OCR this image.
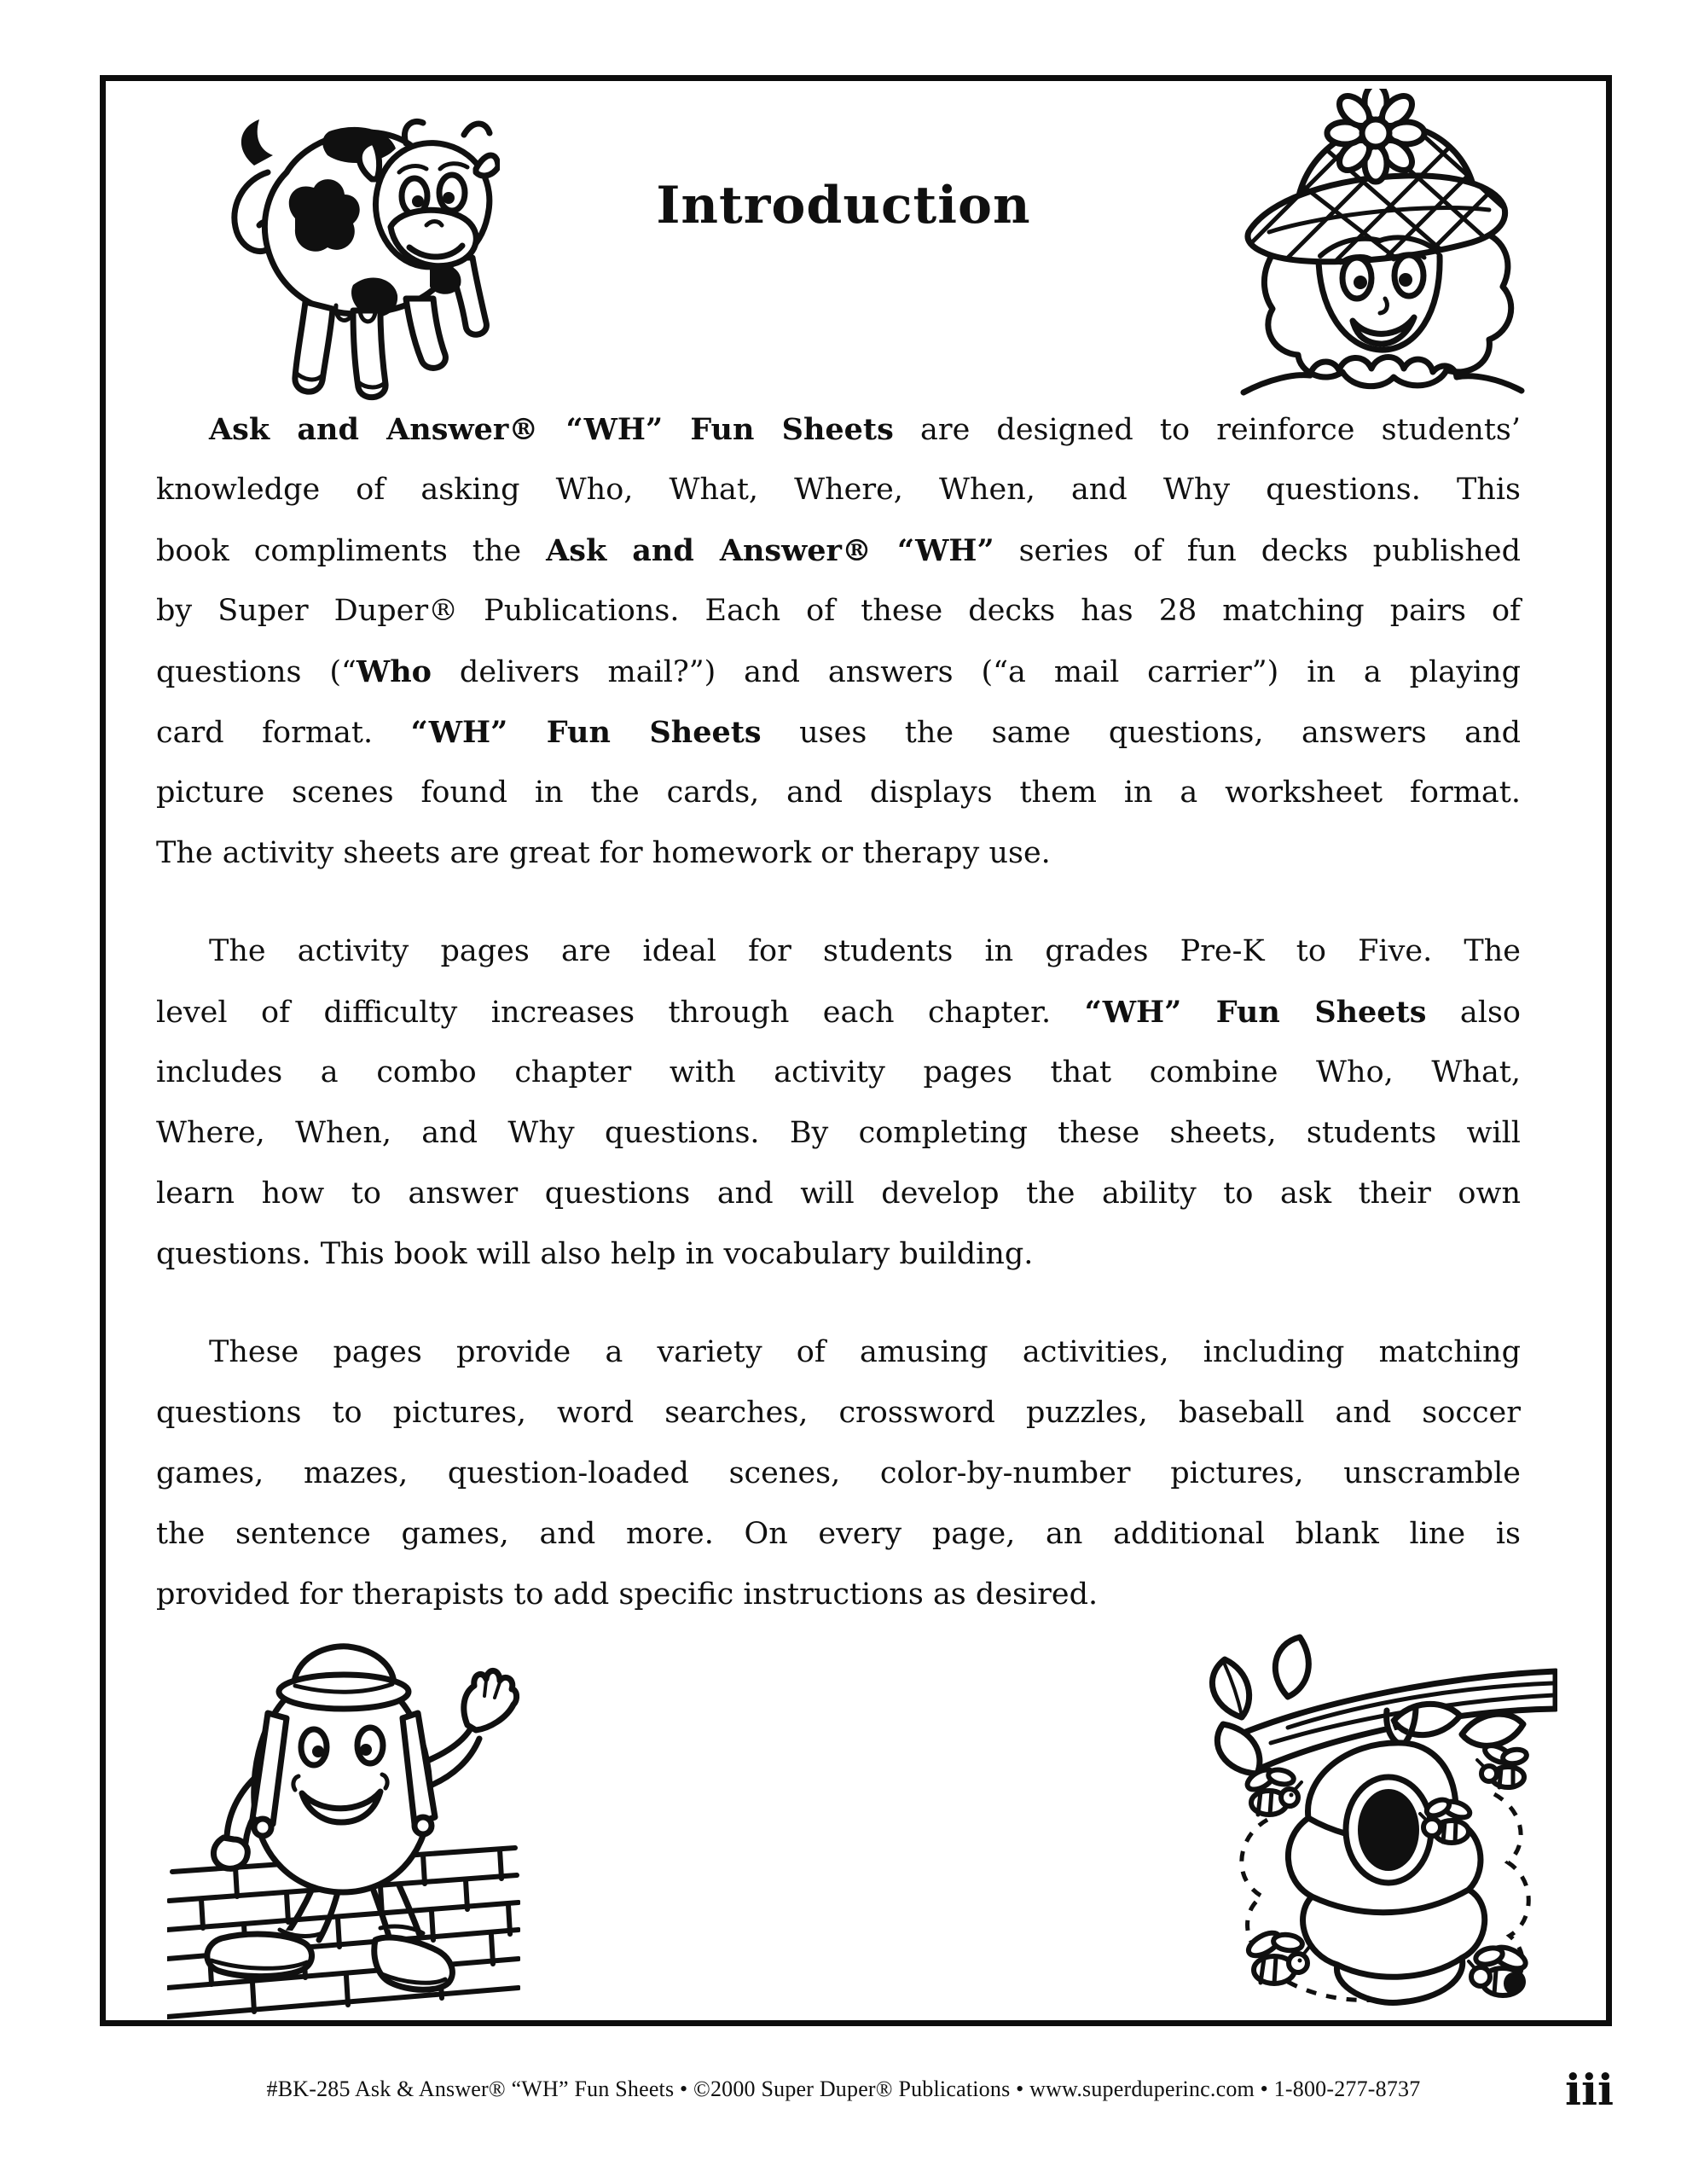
Introduction
Ask and Answer® “WH” Fun Sheets are designed to reinforce students’
knowledge of asking Who, What, Where, When, and Why questions. This
book compliments the Ask and Answer® “WH” series of fun decks published
by Super Duper® Publications. Each of these decks has 28 matching pairs of
questions (“Who delivers mail?”) and answers (“a mail carrier”) in a playing
card format. “WH” Fun Sheets uses the same questions, answers and
picture scenes found in the cards, and displays them in a worksheet format.
The activity sheets are great for homework or therapy use.
The activity pages are ideal for students in grades Pre-K to Five. The
level of difficulty increases through each chapter. “WH” Fun Sheets also
includes a combo chapter with activity pages that combine Who, What,
Where, When, and Why questions. By completing these sheets, students will
learn how to answer questions and will develop the ability to ask their own
questions. This book will also help in vocabulary building.
These pages provide a variety of amusing activities, including matching
questions to pictures, word searches, crossword puzzles, baseball and soccer
games, mazes, question-loaded scenes, color-by-number pictures, unscramble
the sentence games, and more. On every page, an additional blank line is
provided for therapists to add specific instructions as desired.
#BK-285 Ask & Answer® “WH” Fun Sheets • ©2000 Super Duper® Publications • www.superduperinc.com • 1-800-277-8737	iii
